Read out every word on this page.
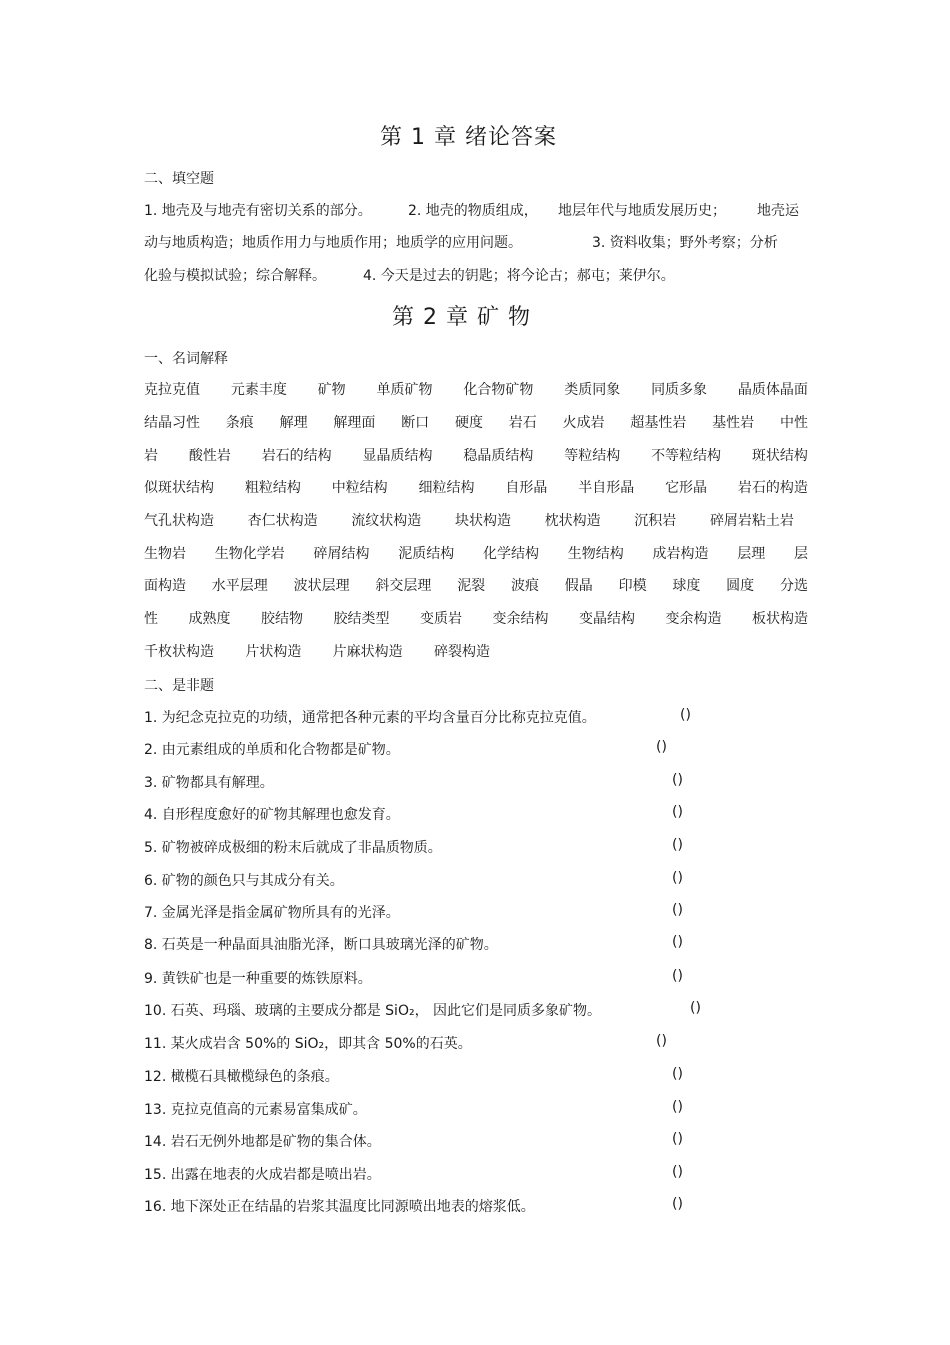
第 1 章 绪论答案
二、填空题
1. 地壳及与地壳有密切关系的部分。	2. 地壳的物质组成， 地层年代与地质发展历史； 地壳运
动与地质构造；地质作用力与地质作用；地质学的应用问题。	3. 资料收集；野外考察；分析
化验与模拟试验；综合解释。	4. 今天是过去的钥匙；将今论古；郝屯；莱伊尔。
第 2 章 矿 物
一、名词解释
克拉克值 元素丰度 矿物 单质矿物 化合物矿物 类质同象 同质多象 晶质体晶面
结晶习性 条痕 解理 解理面 断口 硬度 岩石 火成岩 超基性岩 基性岩 中性
岩 酸性岩 岩石的结构 显晶质结构 稳晶质结构 等粒结构 不等粒结构 斑状结构
似斑状结构 粗粒结构 中粒结构 细粒结构 自形晶 半自形晶 它形晶 岩石的构造
气孔状构造 杏仁状构造 流纹状构造 块状构造 枕状构造 沉积岩 碎屑岩粘土岩
生物岩 生物化学岩 碎屑结构 泥质结构 化学结构 生物结构 成岩构造 层理 层
面构造 水平层理 波状层理 斜交层理 泥裂 波痕 假晶 印模 球度 圆度 分选
性 成熟度 胶结物 胶结类型 变质岩 变余结构 变晶结构 变余构造 板状构造
千枚状构造 片状构造 片麻状构造 碎裂构造
二、是非题
1. 为纪念克拉克的功绩，通常把各种元素的平均含量百分比称克拉克值。	()
2. 由元素组成的单质和化合物都是矿物。	()
3. 矿物都具有解理。	()
4. 自形程度愈好的矿物其解理也愈发育。	()
5. 矿物被碎成极细的粉末后就成了非晶质物质。	()
6. 矿物的颜色只与其成分有关。	()
7. 金属光泽是指金属矿物所具有的光泽。	()
8. 石英是一种晶面具油脂光泽，断口具玻璃光泽的矿物。	()
9. 黄铁矿也是一种重要的炼铁原料。	()
10. 石英、玛瑙、玻璃的主要成分都是 SiO₂， 因此它们是同质多象矿物。	()
11. 某火成岩含 50%的 SiO₂，即其含 50%的石英。	()
12. 橄榄石具橄榄绿色的条痕。	()
13. 克拉克值高的元素易富集成矿。	()
14. 岩石无例外地都是矿物的集合体。	()
15. 出露在地表的火成岩都是喷出岩。	()
16. 地下深处正在结晶的岩浆其温度比同源喷出地表的熔浆低。	()
